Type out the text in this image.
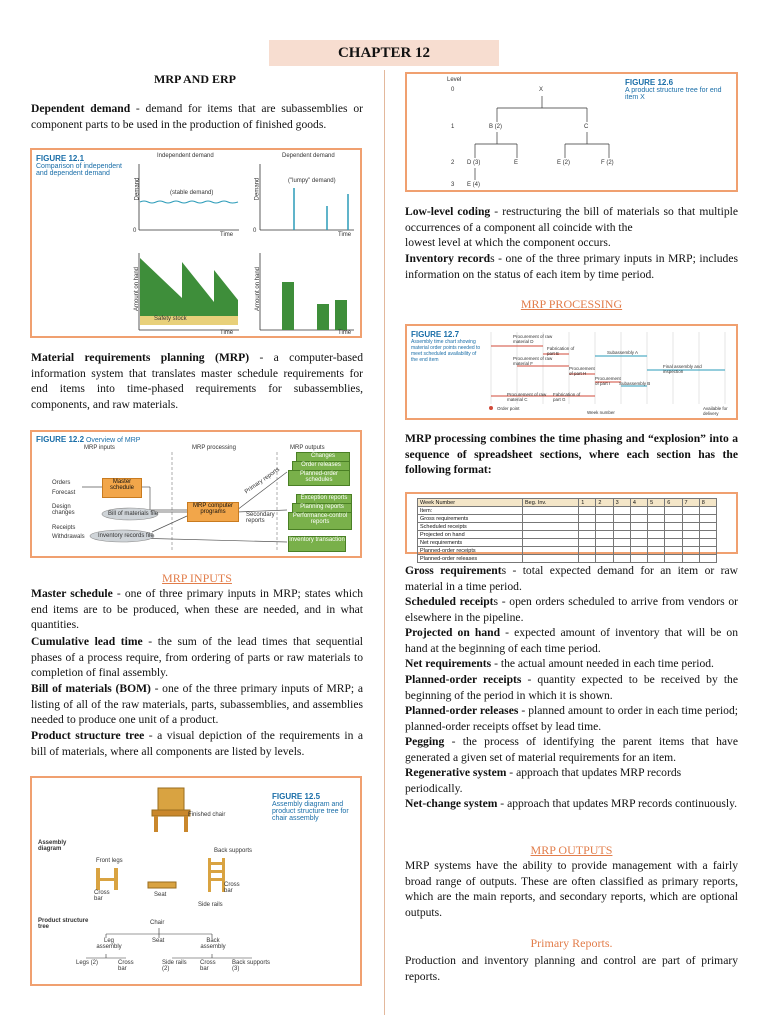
CHAPTER 12
MRP AND ERP
Dependent demand - demand for items that are subassemblies or component parts to be used in the production of finished goods.
FIGURE 12.1
Comparison of independent and dependent demand
Independent demand	Dependent demand
(stable demand)
("lumpy" demand)
Demand	Demand
Amount on hand	Amount on hand
Time	Time
Time	Time
Safety stock
0	0
Material requirements planning (MRP) - a computer-based information system that translates master schedule requirements for end items into time-phased requirements for subassemblies, components, and raw materials.
FIGURE 12.2 Overview of MRP
MRP inputs	MRP processing	MRP outputs
Orders
Forecast
Master schedule
Design changes	Bill of materials file
Receipts
Withdrawals Inventory records file
MRP computer programs
Primary reports
Secondary reports
Changes
Order releases
Planned-order schedules
Exception reports
Planning reports
Performance-control reports
Inventory transaction
MRP INPUTS
Master schedule - one of three primary inputs in MRP; states which end items are to be produced, when these are needed, and in what quantities.
Cumulative lead time - the sum of the lead times that sequential phases of a process require, from ordering of parts or raw materials to completion of final assembly.
Bill of materials (BOM) - one of the three primary inputs of MRP; a listing of all of the raw materials, parts, subassemblies, and assemblies needed to produce one unit of a product.
Product structure tree - a visual depiction of the requirements in a bill of materials, where all components are listed by levels.
FIGURE 12.5
Assembly diagram and product structure tree for chair assembly
Finished chair
Assembly diagram	Back supports
Front legs
Cross bar
Seat
Cross bar
Side rails
Product structure tree
Chair
Leg assembly
Seat	Back assembly
Legs (2)	Cross bar
Side rails (2)
Cross bar
Back supports (3)
FIGURE 12.6
A product structure tree for end item X
Level
0
1
2
3
X
B (2)	C
D (3)	E	E (2)	F (2)
E (4)
Low-level coding - restructuring the bill of materials so that multiple occurrences of a component all coincide with the
lowest level at which the component occurs.
Inventory records - one of the three primary inputs in MRP; includes information on the status of each item by time period.
MRP PROCESSING
FIGURE 12.7
Assembly time chart showing material order points needed to meet scheduled availability of the end item
Procurement of raw material D
Fabrication of part E
Procurement of raw material F
Procurement of part H
Procurement of part I
Procurement of raw material C
Fabrication of part G
Subassembly A
Subassembly B
Final assembly and inspection
Order point
Week number
Available for delivery
MRP processing combines the time phasing and “explosion” into a sequence of spreadsheet sections, where each section has the following format:
Week Number	Beg. Inv.	1	2	3	4	5	6	7	8
Item:									
Gross requirements									
Scheduled receipts									
Projected on hand									
Net requirements									
Planned-order receipts									
Planned-order releases									
Gross requirements - total expected demand for an item or raw material in a time period.
Scheduled receipts - open orders scheduled to arrive from vendors or elsewhere in the pipeline.
Projected on hand - expected amount of inventory that will be on hand at the beginning of each time period.
Net requirements - the actual amount needed in each time period.
Planned-order receipts - quantity expected to be received by the beginning of the period in which it is shown.
Planned-order releases - planned amount to order in each time period; planned-order receipts offset by lead time.
Pegging - the process of identifying the parent items that have generated a given set of material requirements for an item.
Regenerative system - approach that updates MRP records periodically.
Net-change system - approach that updates MRP records continuously.
MRP OUTPUTS
MRP systems have the ability to provide management with a fairly broad range of outputs. These are often classified as primary reports, which are the main reports, and secondary reports, which are optional outputs.
Primary Reports.
Production and inventory planning and control are part of primary reports.
